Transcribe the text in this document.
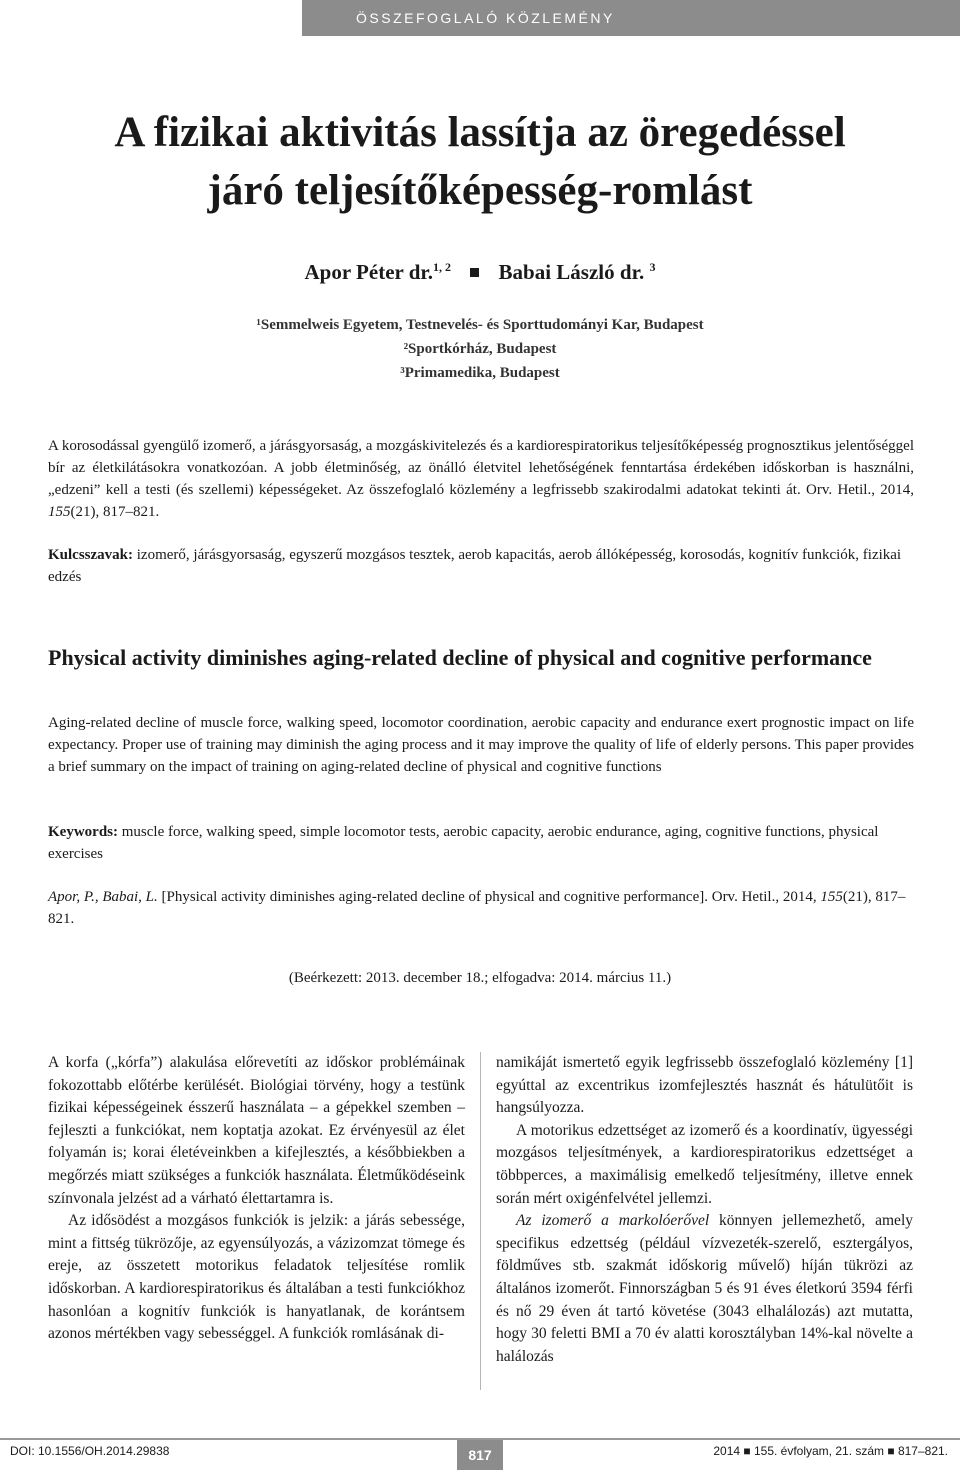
ÖSSZEFOGLALÓ KÖZLEMÉNY
A fizikai aktivitás lassítja az öregedéssel
járó teljesítőképesség-romlást
Apor Péter dr.$^{1, 2}$ Babai László dr. $^3$
¹Semmelweis Egyetem, Testnevelés- és Sporttudományi Kar, Budapest
²Sportkórház, Budapest
³Primamedika, Budapest

A korosodással gyengülő izomerő, a járásgyorsaság, a mozgáskivitelezés és a kardiorespiratorikus teljesítőképesség prognosztikus jelentőséggel bír az életkilátásokra vonatkozóan. A jobb életminőség, az önálló életvitel lehetőségének fenntartása érdekében időskorban is használni, „edzeni” kell a testi (és szellemi) képességeket. Az összefoglaló közlemény a legfrissebb szakirodalmi adatokat tekinti át. Orv. Hetil., 2014, 155(21), 817–821.

Kulcsszavak: izomerő, járásgyorsaság, egyszerű mozgásos tesztek, aerob kapacitás, aerob állóképesség, korosodás, kognitív funkciók, fizikai edzés

Physical activity diminishes aging-related decline of physical and cognitive performance

Aging-related decline of muscle force, walking speed, locomotor coordination, aerobic capacity and endurance exert prognostic impact on life expectancy. Proper use of training may diminish the aging process and it may improve the quality of life of elderly persons. This paper provides a brief summary on the impact of training on aging-related decline of physical and cognitive functions

Keywords: muscle force, walking speed, simple locomotor tests, aerobic capacity, aerobic endurance, aging, cognitive functions, physical exercises

Apor, P., Babai, L. [Physical activity diminishes aging-related decline of physical and cognitive performance]. Orv. Hetil., 2014, 155(21), 817–821.

(Beérkezett: 2013. december 18.; elfogadva: 2014. március 11.)

A korfa („kórfa”) alakulása előrevetíti az időskor problémáinak fokozottabb előtérbe kerülését. Biológiai törvény, hogy a testünk fizikai képességeinek ésszerű használata – a gépekkel szemben – fejleszti a funkciókat, nem koptatja azokat. Ez érvényesül az élet folyamán is; korai életéveinkben a kifejlesztés, a későbbiekben a megőrzés miatt szükséges a funkciók használata. Életműködéseink színvonala jelzést ad a várható élettartamra is.

Az idősödést a mozgásos funkciók is jelzik: a járás sebessége, mint a fittség tükrözője, az egyensúlyozás, a vázizomzat tömege és ereje, az összetett motorikus feladatok teljesítése romlik időskorban. A kardiorespiratorikus és általában a testi funkciókhoz hasonlóan a kognitív funkciók is hanyatlanak, de korántsem azonos mértékben vagy sebességgel. A funkciók romlásának di-

namikáját ismertető egyik legfrissebb összefoglaló közlemény [1] egyúttal az excentrikus izomfejlesztés hasznát és hátulütőit is hangsúlyozza.

A motorikus edzettséget az izomerő és a koordinatív, ügyességi mozgásos teljesítmények, a kardiorespiratorikus edzettséget a többperces, a maximálisig emelkedő teljesítmény, illetve ennek során mért oxigénfelvétel jellemzi.

Az izomerő a markolóerővel könnyen jellemezhető, amely specifikus edzettség (például vízvezeték-szerelő, esztergályos, földműves stb. szakmát időskorig művelő) híján tükrözi az általános izomerőt. Finnországban 5 és 91 éves életkorú 3594 férfi és nő 29 éven át tartó követése (3043 elhalálozás) azt mutatta, hogy 30 feletti BMI a 70 év alatti korosztályban 14%-kal növelte a halálozás

DOI: 10.1556/OH.2014.29838	817	2014 ■ 155. évfolyam, 21. szám ■ 817–821.
